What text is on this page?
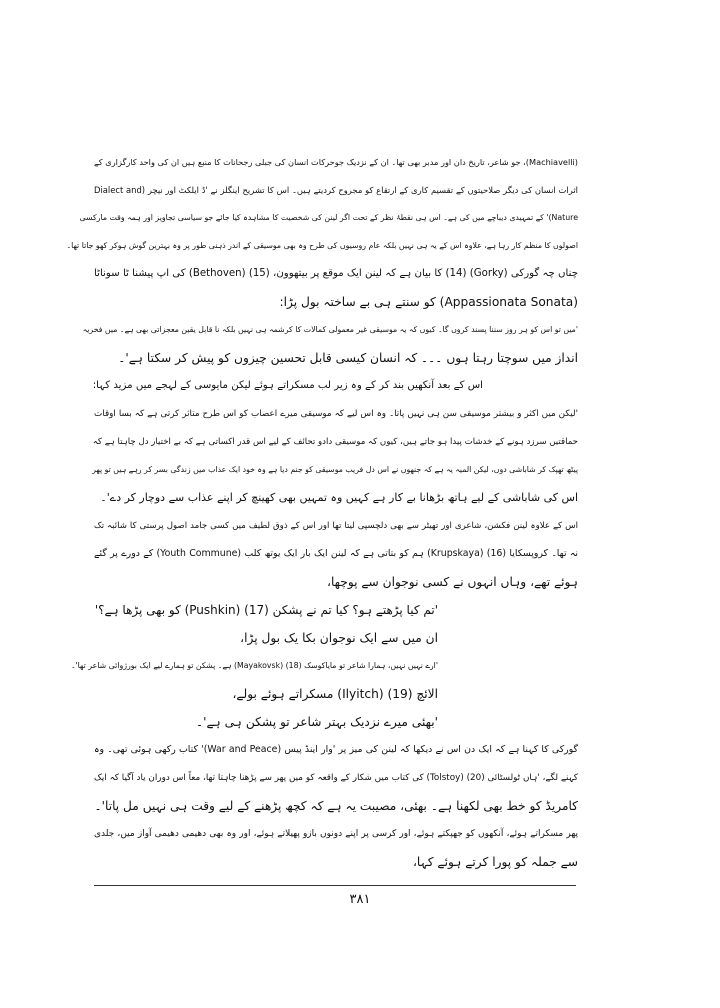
(Machiavelli)، جو شاعر، تاریخ دان اور مدبر بھی تھا۔ ان کے نزدیک جوحرکات انسان کی جبلی رجحانات کا منبع ہیں ان کی واحد کارگزاری کے
اثرات انسان کی دیگر صلاحیتوں کے تقسیم کاری کے ارتقاع کو مجروح کردیتے ہیں۔ اس کا تشریح اینگلز نے 'ڈ ایلکٹ اور نیچر (Dialect and
Nature)' کے تمہیدی دیباچے میں کی ہے۔ اس ہی نقطۂ نظر کے تحت اگر لینن کی شخصیت کا مشاہدہ کیا جائے جو سیاسی تجاویز اور ہمہ وقت مارکسی
اصولوں کا منظم کار رہا ہے، علاوہ اس کے یہ ہی نہیں بلکہ عام روسیوں کی طرح وہ بھی موسیقی کے اندر ذہنی طور پر وہ بہترین گوش ہوکر کھو جاتا تھا۔
چناں چہ گورکی (Gorky) (14) کا بیان ہے کہ لینن ایک موقع پر بیتھوون، (15) (Bethoven) کی اپ پیشنا ٹا سوناٹا
(Appassionata Sonata) کو سنتے ہی بے ساختہ بول پڑا:
'میں تو اس کو ہر روز سننا پسند کروں گا۔ کیوں کہ یہ موسیقی غیر معمولی کمالات کا کرشمہ ہی نہیں بلکہ نا قابل یقین معجزاتی بھی ہے۔ میں فخریہ
انداز میں سوچتا رہتا ہوں ۔۔۔ کہ انسان کیسی قابل تحسین چیزوں کو پیش کر سکتا ہے'۔
اس کے بعد آنکھیں بند کر کے وہ زیر لب مسکراتے ہوئے لیکن مایوسی کے لہجے میں مزید کہا:
'لیکن میں اکثر و بیشتر موسیقی سن ہی نہیں پاتا۔ وہ اس لیے کہ موسیقی میرے اعصاب کو اس طرح متاثر کرتی ہے کہ بسا اوقات
حماقتیں سرزد ہونے کے خدشات پیدا ہو جاتے ہیں، کیوں کہ موسیقی دادو تحائف کے لیے اس قدر اکساتی ہے کہ بے اختیار دل چاہتا ہے کہ
پیٹھ تھپک کر شاباشی دوں، لیکن المیہ یہ ہے کہ جنھوں نے اس دل فریب موسیقی کو جنم دیا ہے وہ خود ایک عذاب میں زندگی بسر کر رہے ہیں تو پھر
اس کی شاباشی کے لیے ہاتھ بڑھانا بے کار ہے کہیں وہ تمہیں بھی کھینچ کر اپنے عذاب سے دوچار کر دے'۔
اس کے علاوہ لینن فکشن، شاعری اور تھیٹر سے بھی دلچسپی لیتا تھا اور اس کے ذوق لطیف میں کسی جامد اصول پرستی کا شائبہ تک
نہ تھا۔ کروپسکایا (16) (Krupskaya) ہم کو بتاتی ہے کہ لینن ایک بار ایک یوتھ کلب (Youth Commune) کے دورے پر گئے
ہوئے تھے، وہاں انہوں نے کسی نوجوان سے پوچھا،
'تم کیا پڑھتے ہو؟ کیا تم نے پشکن (17) (Pushkin) کو بھی پڑھا ہے؟'
ان میں سے ایک نوجوان بکا یک بول پڑا،
'ارے نہیں نہیں، ہمارا شاعر تو مایاکوسک (18) (Mayakovsk) ہے۔ پشکن تو ہمارے لیے ایک بورژوائی شاعر تھا'۔
الائچ (19) (Ilyitch) مسکراتے ہوئے بولے،
'بھئی میرے نزدیک بہتر شاعر تو پشکن ہی ہے'۔
گورکی کا کہنا ہے کہ ایک دن اس نے دیکھا کہ لینن کی میز پر 'وار اینڈ پیس (War and Peace)' کتاب رکھی ہوئی تھی۔ وہ
کہنے لگے، 'ہاں ٹولسٹائی (20) (Tolstoy) کی کتاب میں شکار کے واقعہ کو میں پھر سے پڑھنا چاہتا تھا، معاً اس دوران یاد آگیا کہ ایک
کامریڈ کو خط بھی لکھنا ہے۔ بھئی، مصیبت یہ ہے کہ کچھ پڑھنے کے لیے وقت ہی نہیں مل پاتا'۔
پھر مسکراتے ہوئے، آنکھوں کو جھپکتے ہوئے، اور کرسی پر اپنے دونوں بازو پھیلاتے ہوئے، اور وہ بھی دھیمی دھیمی آواز میں، جلدی
سے جملہ کو پورا کرتے ہوئے کہا،
۳۸۱
